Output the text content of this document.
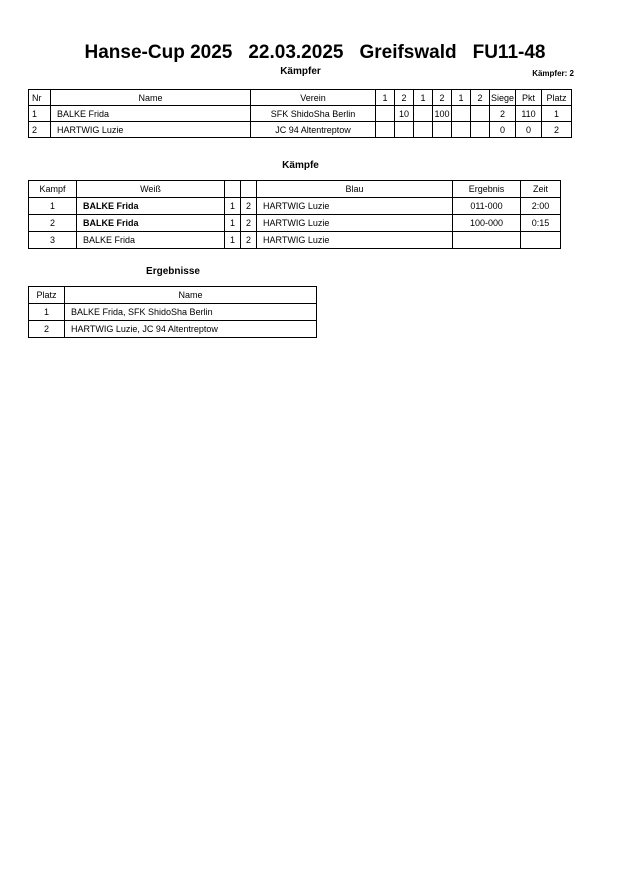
Hanse-Cup 2025 22.03.2025 Greifswald FU11-48
Kämpfer	Kämpfer: 2
Nr	Name	Verein	1	2	1	2	1	2	Siege	Pkt	Platz
1	BALKE Frida	SFK ShidoSha Berlin		10		100			2	110	1
2	HARTWIG Luzie	JC 94 Altentreptow							0	0	2
Kämpfe
Kampf	Weiß			Blau	Ergebnis	Zeit
1	BALKE Frida	1	2	HARTWIG Luzie	011-000	2:00
2	BALKE Frida	1	2	HARTWIG Luzie	100-000	0:15
3	BALKE Frida	1	2	HARTWIG Luzie		
Ergebnisse
Platz	Name
1	BALKE Frida, SFK ShidoSha Berlin
2	HARTWIG Luzie, JC 94 Altentreptow
